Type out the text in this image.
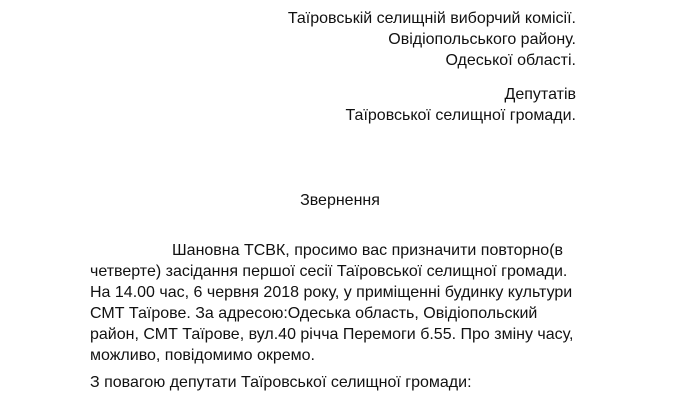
Таїровській селищній виборчий комісії.
Овідіопольського району.
Одеської області.
Депутатів
Таїровської селищної громади.
Звернення
Шановна ТСВК, просимо вас призначити повторно(в
четверте) засідання першої сесії Таїровської селищної громади.
На 14.00 час, 6 червня 2018 року, у приміщенні будинку культури
СМТ Таїрове. За адресою:Одеська область, Овідіопольский
район, СМТ Таїрове, вул.40 річча Перемоги б.55. Про зміну часу,
можливо, повідомимо окремо.
З повагою депутати Таїровської селищної громади:
